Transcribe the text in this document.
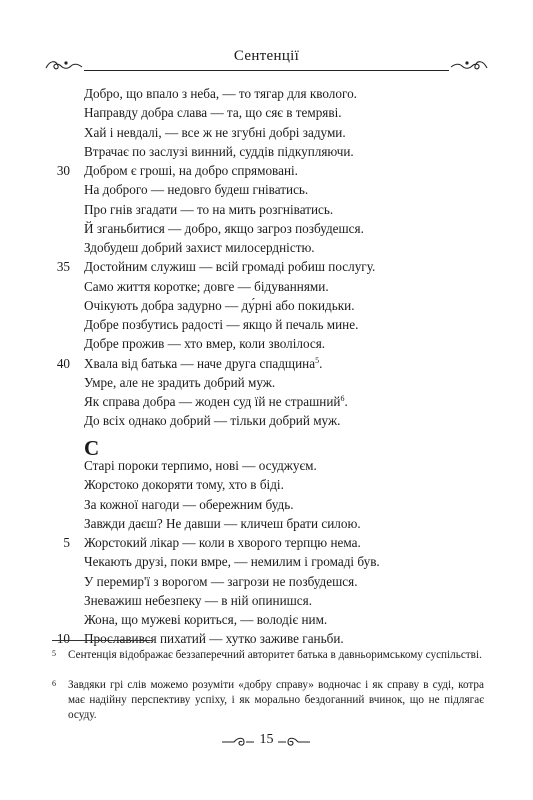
Сентенції
Добро, що впало з неба, — то тягар для кволого.
Направду добра слава — та, що сяє в темряві.
Хай і невдалі, — все ж не згубні добрі задуми.
Втрачає по заслузі винний, суддів підкупляючи.
30 Добром є гроші, на добро спрямовані.
На доброго — недовго будеш гніватись.
Про гнів згадати — то на мить розгніватись.
Й зганьбитися — добро, якщо загроз позбудешся.
Здобудеш добрий захист милосердністю.
35 Достойним служиш — всій громаді робиш послугу.
Само життя коротке; довге — бідуваннями.
Очікують добра задурно — ду́рні або покидьки.
Добре позбутись радості — якщо й печаль мине.
Добре прожив — хто вмер, коли зволілося.
40 Хвала від батька — наче друга спадщина$^5$.
Умре, але не зрадить добрий муж.
Як справа добра — жоден суд їй не страшний$^6$.
До всіх однако добрий — тільки добрий муж.
C
Старі пороки терпимо, нові — осуджуєм.
Жорстоко докоряти тому, хто в біді.
За кожної нагоди — обережним будь.
Завжди даєш? Не давши — кличеш брати силою.
5 Жорстокий лікар — коли в хворого терпцю нема.
Чекають друзі, поки вмре, — немилим і громаді був.
У перемир'ї з ворогом — загрози не позбудешся.
Зневажиш небезпеку — в ній опинишся.
Жона, що мужеві кориться, — володіє ним.
10 Прославився пихатий — хутко заживе ганьби.
5 Сентенція відображає беззаперечний авторитет батька в давньоримському суспільстві.
6 Завдяки грі слів можемо розуміти «добру справу» водночас і як справу в суді, котра має надійну перспективу успіху, і як морально бездоганний вчинок, що не підлягає осуду.
15
